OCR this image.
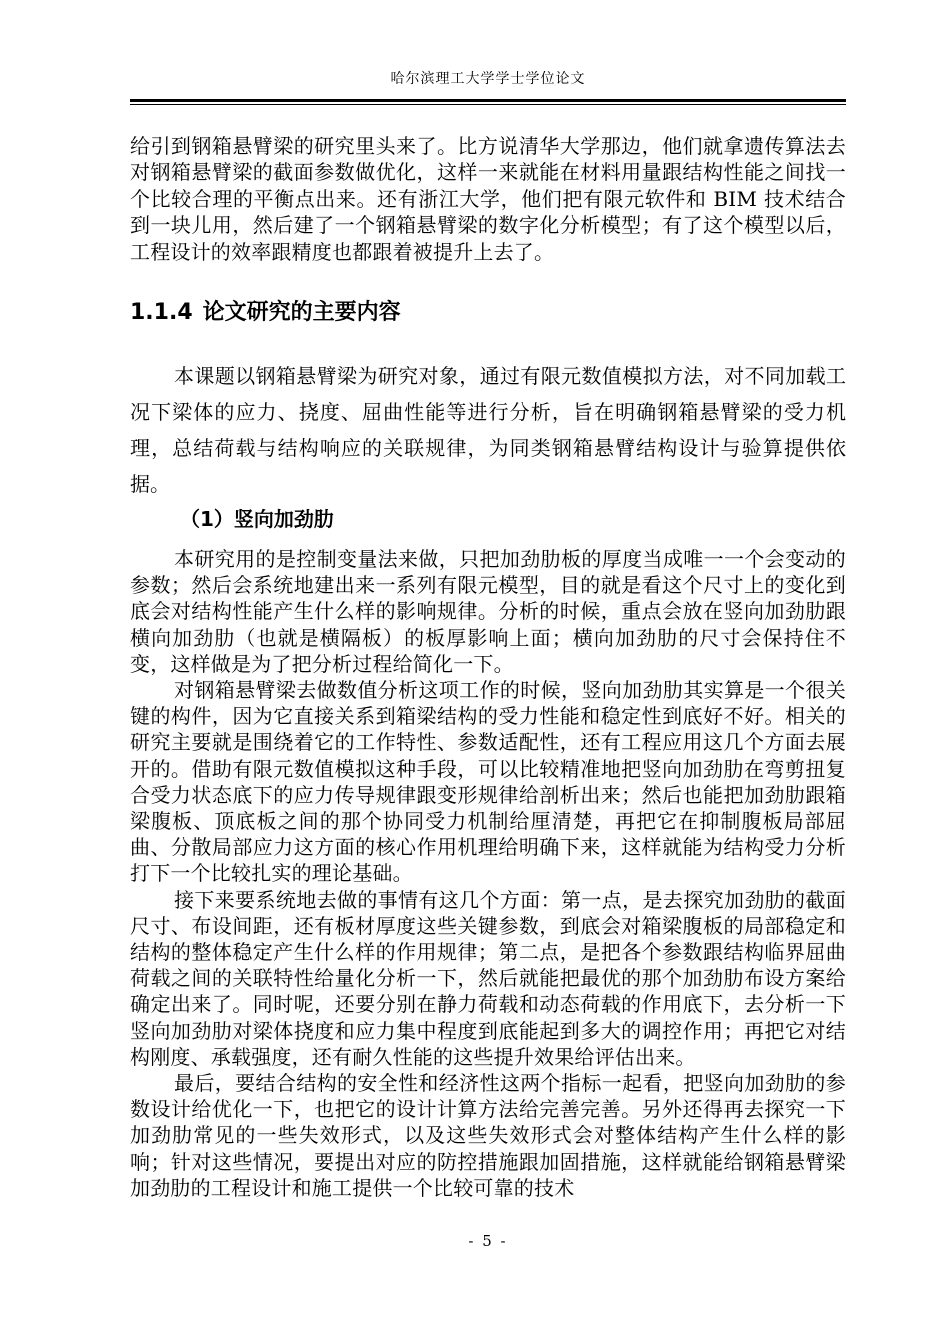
哈尔滨理工大学学士学位论文

给引到钢箱悬臂梁的研究里头来了。比方说清华大学那边，他们就拿遗传算法去对钢箱悬臂梁的截面参数做优化，这样一来就能在材料用量跟结构性能之间找一个比较合理的平衡点出来。还有浙江大学，他们把有限元软件和 BIM 技术结合到一块儿用，然后建了一个钢箱悬臂梁的数字化分析模型；有了这个模型以后，工程设计的效率跟精度也都跟着被提升上去了。

1.1.4 论文研究的主要内容

本课题以钢箱悬臂梁为研究对象，通过有限元数值模拟方法，对不同加载工况下梁体的应力、挠度、屈曲性能等进行分析，旨在明确钢箱悬臂梁的受力机理，总结荷载与结构响应的关联规律，为同类钢箱悬臂结构设计与验算提供依据。

（1）竖向加劲肋

本研究用的是控制变量法来做，只把加劲肋板的厚度当成唯一一个会变动的参数；然后会系统地建出来一系列有限元模型，目的就是看这个尺寸上的变化到底会对结构性能产生什么样的影响规律。分析的时候，重点会放在竖向加劲肋跟横向加劲肋（也就是横隔板）的板厚影响上面；横向加劲肋的尺寸会保持住不变，这样做是为了把分析过程给简化一下。

对钢箱悬臂梁去做数值分析这项工作的时候，竖向加劲肋其实算是一个很关键的构件，因为它直接关系到箱梁结构的受力性能和稳定性到底好不好。相关的研究主要就是围绕着它的工作特性、参数适配性，还有工程应用这几个方面去展开的。借助有限元数值模拟这种手段，可以比较精准地把竖向加劲肋在弯剪扭复合受力状态底下的应力传导规律跟变形规律给剖析出来；然后也能把加劲肋跟箱梁腹板、顶底板之间的那个协同受力机制给厘清楚，再把它在抑制腹板局部屈曲、分散局部应力这方面的核心作用机理给明确下来，这样就能为结构受力分析打下一个比较扎实的理论基础。

接下来要系统地去做的事情有这几个方面：第一点，是去探究加劲肋的截面尺寸、布设间距，还有板材厚度这些关键参数，到底会对箱梁腹板的局部稳定和结构的整体稳定产生什么样的作用规律；第二点，是把各个参数跟结构临界屈曲荷载之间的关联特性给量化分析一下，然后就能把最优的那个加劲肋布设方案给确定出来了。同时呢，还要分别在静力荷载和动态荷载的作用底下，去分析一下竖向加劲肋对梁体挠度和应力集中程度到底能起到多大的调控作用；再把它对结构刚度、承载强度，还有耐久性能的这些提升效果给评估出来。

最后，要结合结构的安全性和经济性这两个指标一起看，把竖向加劲肋的参数设计给优化一下，也把它的设计计算方法给完善完善。另外还得再去探究一下加劲肋常见的一些失效形式，以及这些失效形式会对整体结构产生什么样的影响；针对这些情况，要提出对应的防控措施跟加固措施，这样就能给钢箱悬臂梁加劲肋的工程设计和施工提供一个比较可靠的技术

- 5 -
